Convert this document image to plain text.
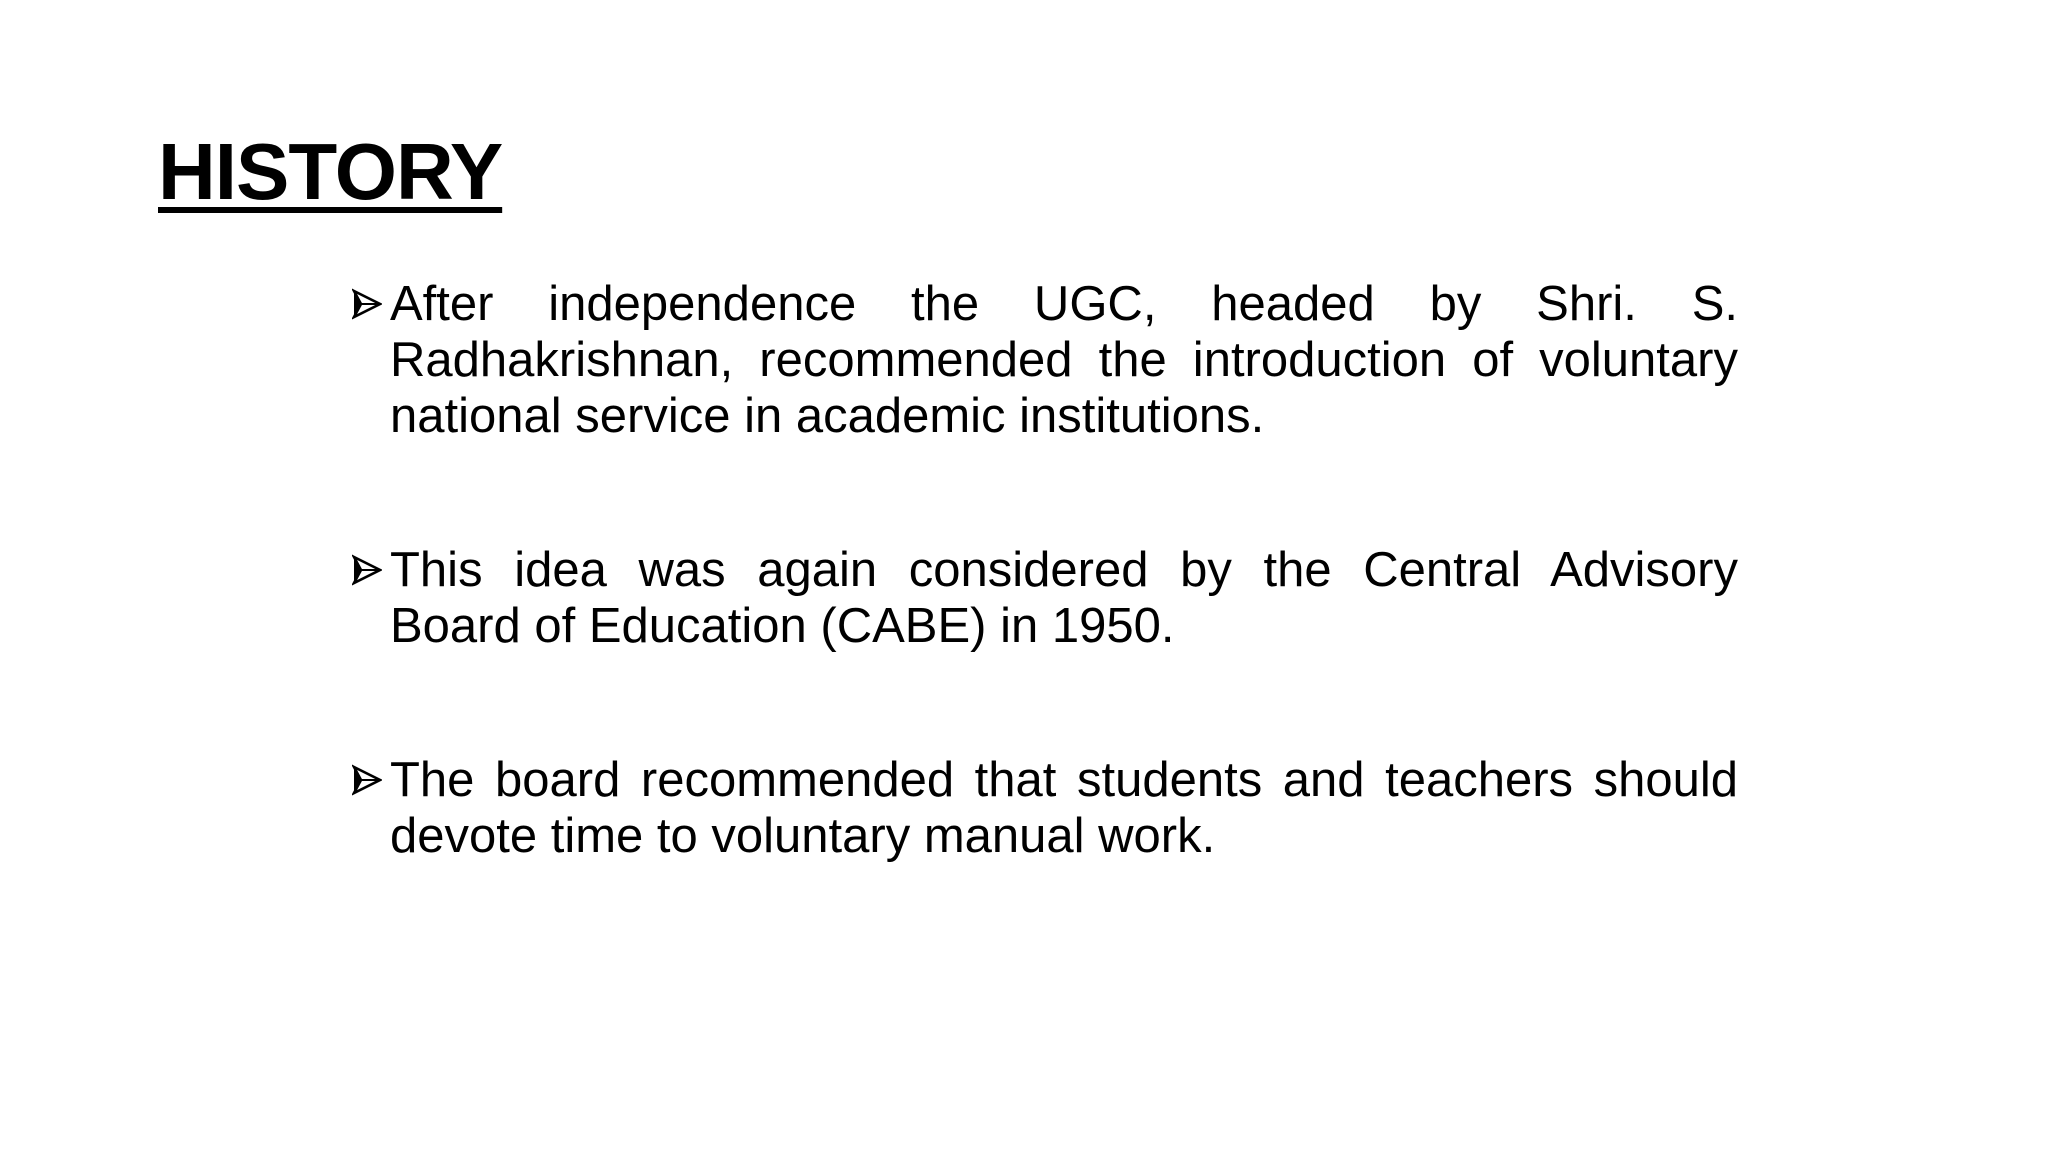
HISTORY
After independence the UGC, headed by Shri. S. Radhakrishnan, recommended the introduction of voluntary national service in academic institutions.
This idea was again considered by the Central Advisory Board of Education (CABE) in 1950.
The board recommended that students and teachers should devote time to voluntary manual work.
